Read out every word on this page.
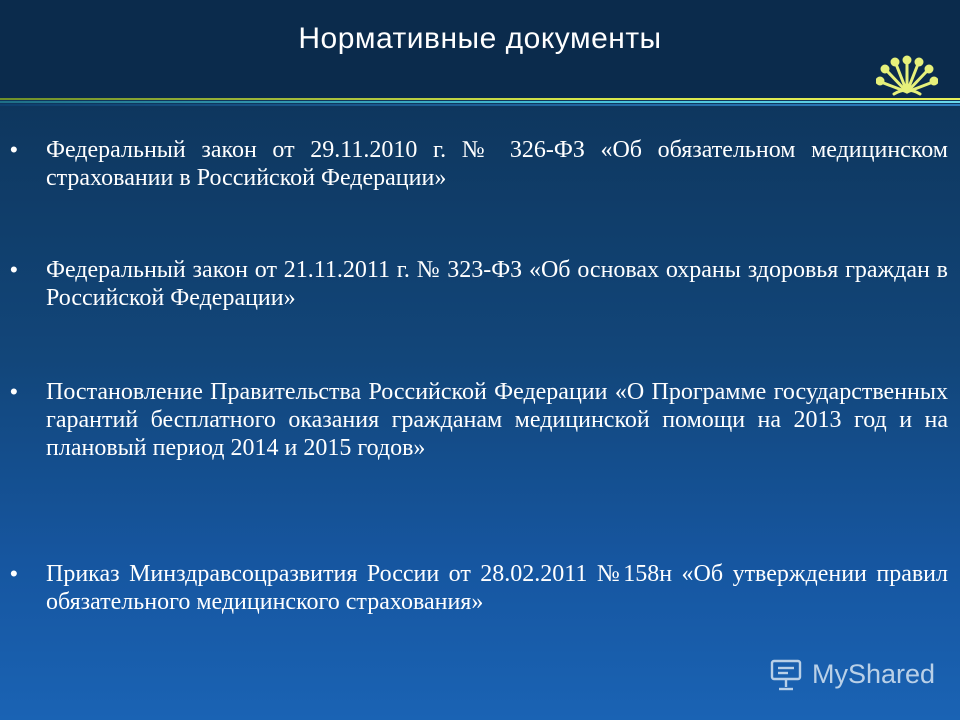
Нормативные документы
• Федеральный закон от 29.11.2010 г. № 326-ФЗ «Об обязательном медицинском страховании в Российской Федерации»
• Федеральный закон от 21.11.2011 г. № 323-ФЗ «Об основах охраны здоровья граждан в Российской Федерации»
• Постановление Правительства Российской Федерации «О Программе государственных гарантий бесплатного оказания гражданам медицинской помощи на 2013 год и на плановый период 2014 и 2015 годов»
• Приказ Минздравсоцразвития России от 28.02.2011 №158н «Об утверждении правил обязательного медицинского страхования»
MyShared
